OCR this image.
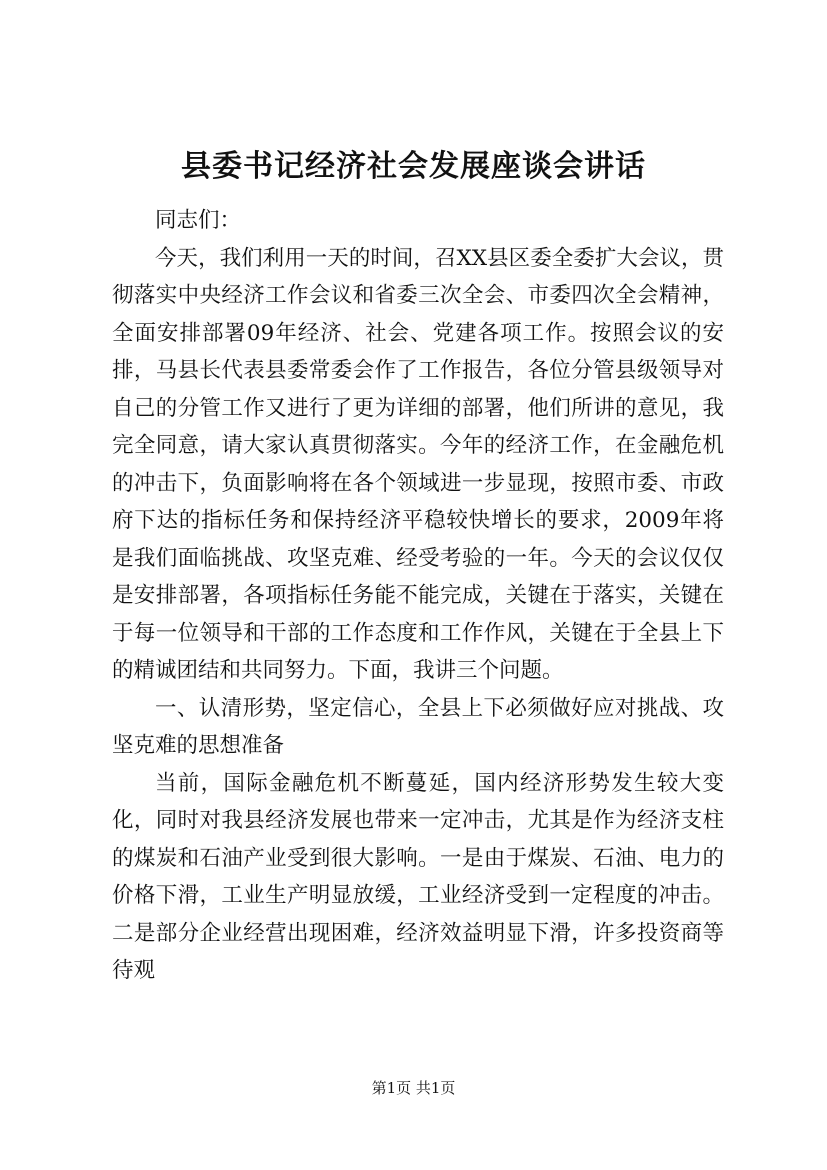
县委书记经济社会发展座谈会讲话

同志们：

今天，我们利用一天的时间，召XX县区委全委扩大会议，贯彻落实中央经济工作会议和省委三次全会、市委四次全会精神，全面安排部署09年经济、社会、党建各项工作。按照会议的安排，马县长代表县委常委会作了工作报告，各位分管县级领导对自己的分管工作又进行了更为详细的部署，他们所讲的意见，我完全同意，请大家认真贯彻落实。今年的经济工作，在金融危机的冲击下，负面影响将在各个领域进一步显现，按照市委、市政府下达的指标任务和保持经济平稳较快增长的要求，2009年将是我们面临挑战、攻坚克难、经受考验的一年。今天的会议仅仅是安排部署，各项指标任务能不能完成，关键在于落实，关键在于每一位领导和干部的工作态度和工作作风，关键在于全县上下的精诚团结和共同努力。下面，我讲三个问题。

一、认清形势，坚定信心，全县上下必须做好应对挑战、攻坚克难的思想准备

当前，国际金融危机不断蔓延，国内经济形势发生较大变化，同时对我县经济发展也带来一定冲击，尤其是作为经济支柱的煤炭和石油产业受到很大影响。一是由于煤炭、石油、电力的价格下滑，工业生产明显放缓，工业经济受到一定程度的冲击。二是部分企业经营出现困难，经济效益明显下滑，许多投资商等待观

第1页 共1页
